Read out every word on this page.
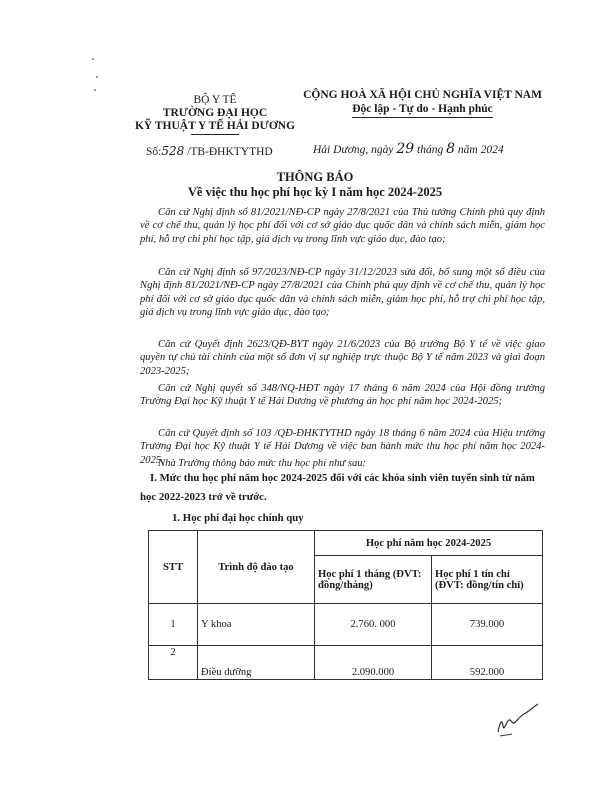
BỘ Y TẾ
TRƯỜNG ĐẠI HỌC
KỸ THUẬT Y TẾ HẢI DƯƠNG
CỘNG HOÀ XÃ HỘI CHỦ NGHĨA VIỆT NAM
Độc lập - Tự do - Hạnh phúc
Số:528 /TB-ĐHKTYTHD	Hải Dương, ngày 29 tháng 8 năm 2024
THÔNG BÁO
Về việc thu học phí học kỳ I năm học 2024-2025
Căn cứ Nghị định số 81/2021/NĐ-CP ngày 27/8/2021 của Thủ tướng Chính phủ quy định về cơ chế thu, quản lý học phí đối với cơ sở giáo dục quốc dân và chính sách miễn, giảm học phí, hỗ trợ chi phí học tập, giá dịch vụ trong lĩnh vực giáo dục, đào tạo;
Căn cứ Nghị định số 97/2023/NĐ-CP ngày 31/12/2023 sửa đổi, bổ sung một số điều của Nghị định 81/2021/NĐ-CP ngày 27/8/2021 của Chính phủ quy định về cơ chế thu, quản lý học phí đối với cơ sở giáo dục quốc dân và chính sách miễn, giảm học phí, hỗ trợ chi phí học tập, giá dịch vụ trong lĩnh vực giáo dục, đào tạo;
Căn cứ Quyết định 2623/QĐ-BYT ngày 21/6/2023 của Bộ trưởng Bộ Y tế về việc giao quyền tự chủ tài chính của một số đơn vị sự nghiệp trực thuộc Bộ Y tế năm 2023 và giai đoạn 2023-2025;
Căn cứ Nghị quyết số 348/NQ-HĐT ngày 17 tháng 6 năm 2024 của Hội đồng trường Trường Đại học Kỹ thuật Y tế Hải Dương về phương án học phí năm học 2024-2025;
Căn cứ Quyết định số 103 /QĐ-ĐHKTYTHD ngày 18 tháng 6 năm 2024 của Hiệu trưởng Trường Đại học Kỹ thuật Y tế Hải Dương về việc ban hành mức thu học phí năm học 2024-2025.
Nhà Trường thông báo mức thu học phí như sau:
I. Mức thu học phí năm học 2024-2025 đối với các khóa sinh viên tuyển sinh từ năm học 2022-2023 trở về trước.
1. Học phí đại học chính quy
STT	Trình độ đào tạo	Học phí năm học 2024-2025	
		Học phí 1 tháng (ĐVT: đồng/tháng)	Học phí 1 tín chỉ (ĐVT: đồng/tín chỉ)
1	Y khoa	2.760. 000	739.000
2	Điều dưỡng	2.090.000	592.000
